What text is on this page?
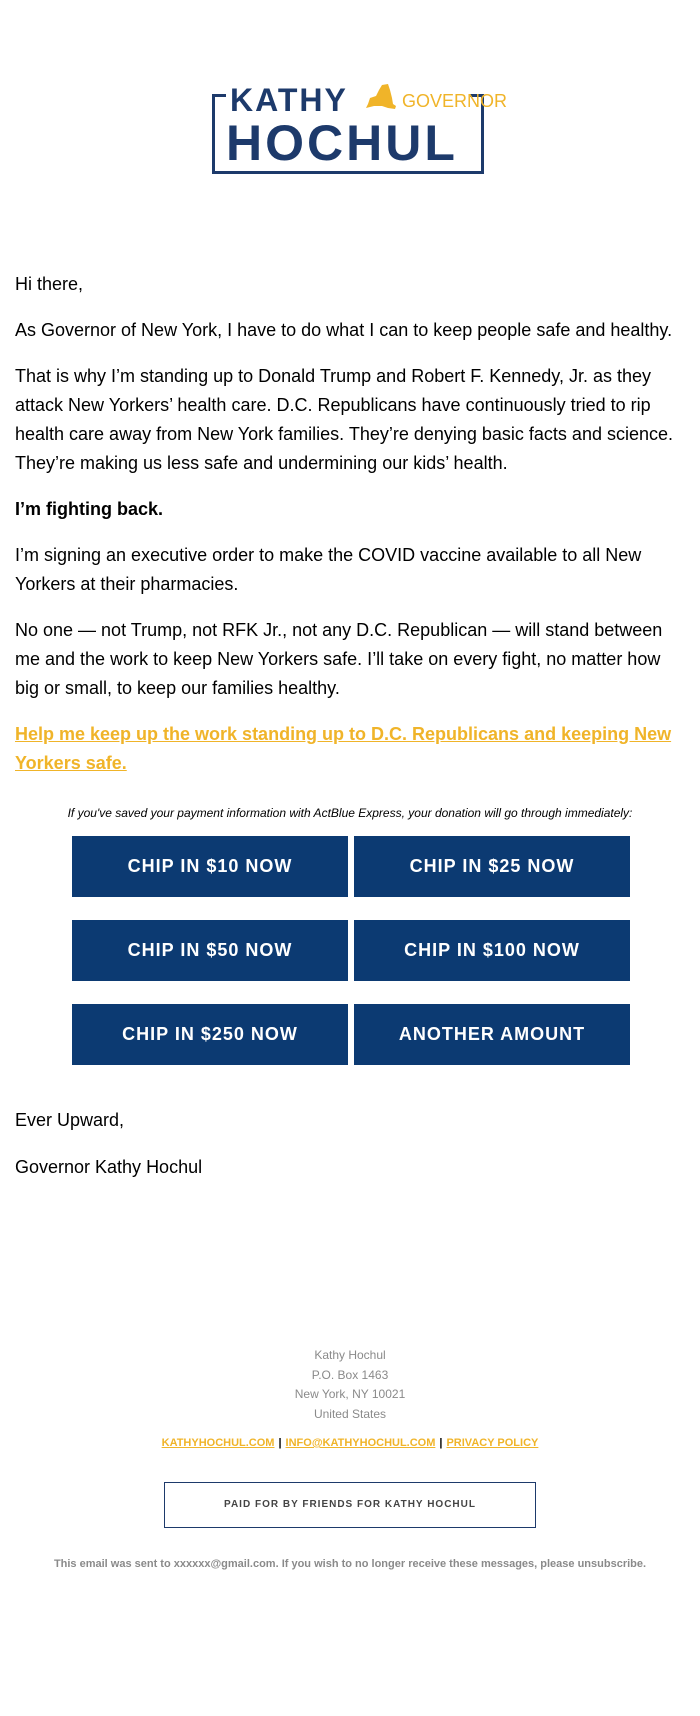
KATHY	GOVERNOR
HOCHUL

Hi there,

As Governor of New York, I have to do what I can to keep people safe and healthy.

That is why I’m standing up to Donald Trump and Robert F. Kennedy, Jr. as they attack New Yorkers’ health care. D.C. Republicans have continuously tried to rip health care away from New York families. They’re denying basic facts and science. They’re making us less safe and undermining our kids’ health.

I’m fighting back.

I’m signing an executive order to make the COVID vaccine available to all New Yorkers at their pharmacies.

No one — not Trump, not RFK Jr., not any D.C. Republican — will stand between me and the work to keep New Yorkers safe. I’ll take on every fight, no matter how big or small, to keep our families healthy.

Help me keep up the work standing up to D.C. Republicans and keeping New Yorkers safe.
If you've saved your payment information with ActBlue Express, your donation will go through immediately:
CHIP IN $10 NOW	CHIP IN $25 NOW
CHIP IN $50 NOW	CHIP IN $100 NOW
CHIP IN $250 NOW	ANOTHER AMOUNT
Ever Upward,
Governor Kathy Hochul
Kathy Hochul
P.O. Box 1463
New York, NY 10021
United States
KATHYHOCHUL.COM | INFO@KATHYHOCHUL.COM | PRIVACY POLICY
PAID FOR BY FRIENDS FOR KATHY HOCHUL
This email was sent to xxxxxx@gmail.com. If you wish to no longer receive these messages, please unsubscribe.
